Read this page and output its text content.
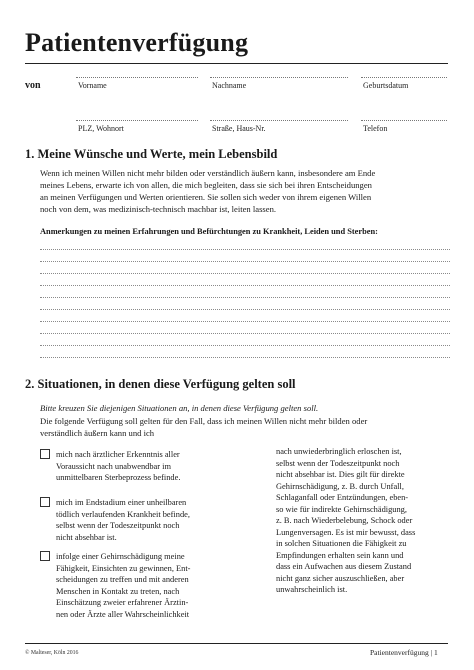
Patientenverfügung
von	Vorname	Nachname	Geburtsdatum
PLZ, Wohnort	Straße, Haus-Nr.	Telefon
1. Meine Wünsche und Werte, mein Lebensbild
Wenn ich meinen Willen nicht mehr bilden oder verständlich äußern kann, insbesondere am Ende
meines Lebens, erwarte ich von allen, die mich begleiten, dass sie sich bei ihren Entscheidungen
an meinen Verfügungen und Werten orientieren. Sie sollen sich weder von ihrem eigenen Willen
noch von dem, was medizinisch-technisch machbar ist, leiten lassen.
Anmerkungen zu meinen Erfahrungen und Befürchtungen zu Krankheit, Leiden und Sterben:
2. Situationen, in denen diese Verfügung gelten soll
Bitte kreuzen Sie diejenigen Situationen an, in denen diese Verfügung gelten soll.
Die folgende Verfügung soll gelten für den Fall, dass ich meinen Willen nicht mehr bilden oder
verständlich äußern kann und ich
mich nach ärztlicher Erkenntnis aller
Voraussicht nach unabwendbar im
unmittelbaren Sterbeprozess befinde.
mich im Endstadium einer unheilbaren
tödlich verlaufenden Krankheit befinde,
selbst wenn der Todeszeitpunkt noch
nicht absehbar ist.
infolge einer Gehirnschädigung meine
Fähigkeit, Einsichten zu gewinnen, Ent-
scheidungen zu treffen und mit anderen
Menschen in Kontakt zu treten, nach
Einschätzung zweier erfahrener Ärztin-
nen oder Ärzte aller Wahrscheinlichkeit
nach unwiederbringlich erloschen ist,
selbst wenn der Todeszeitpunkt noch
nicht absehbar ist. Dies gilt für direkte
Gehirnschädigung, z. B. durch Unfall,
Schlaganfall oder Entzündungen, eben-
so wie für indirekte Gehirnschädigung,
z. B. nach Wiederbelebung, Schock oder
Lungenversagen. Es ist mir bewusst, dass
in solchen Situationen die Fähigkeit zu
Empfindungen erhalten sein kann und
dass ein Aufwachen aus diesem Zustand
nicht ganz sicher auszuschließen, aber
unwahrscheinlich ist.
© Malteser, Köln 2016	Patientenverfügung | 1
